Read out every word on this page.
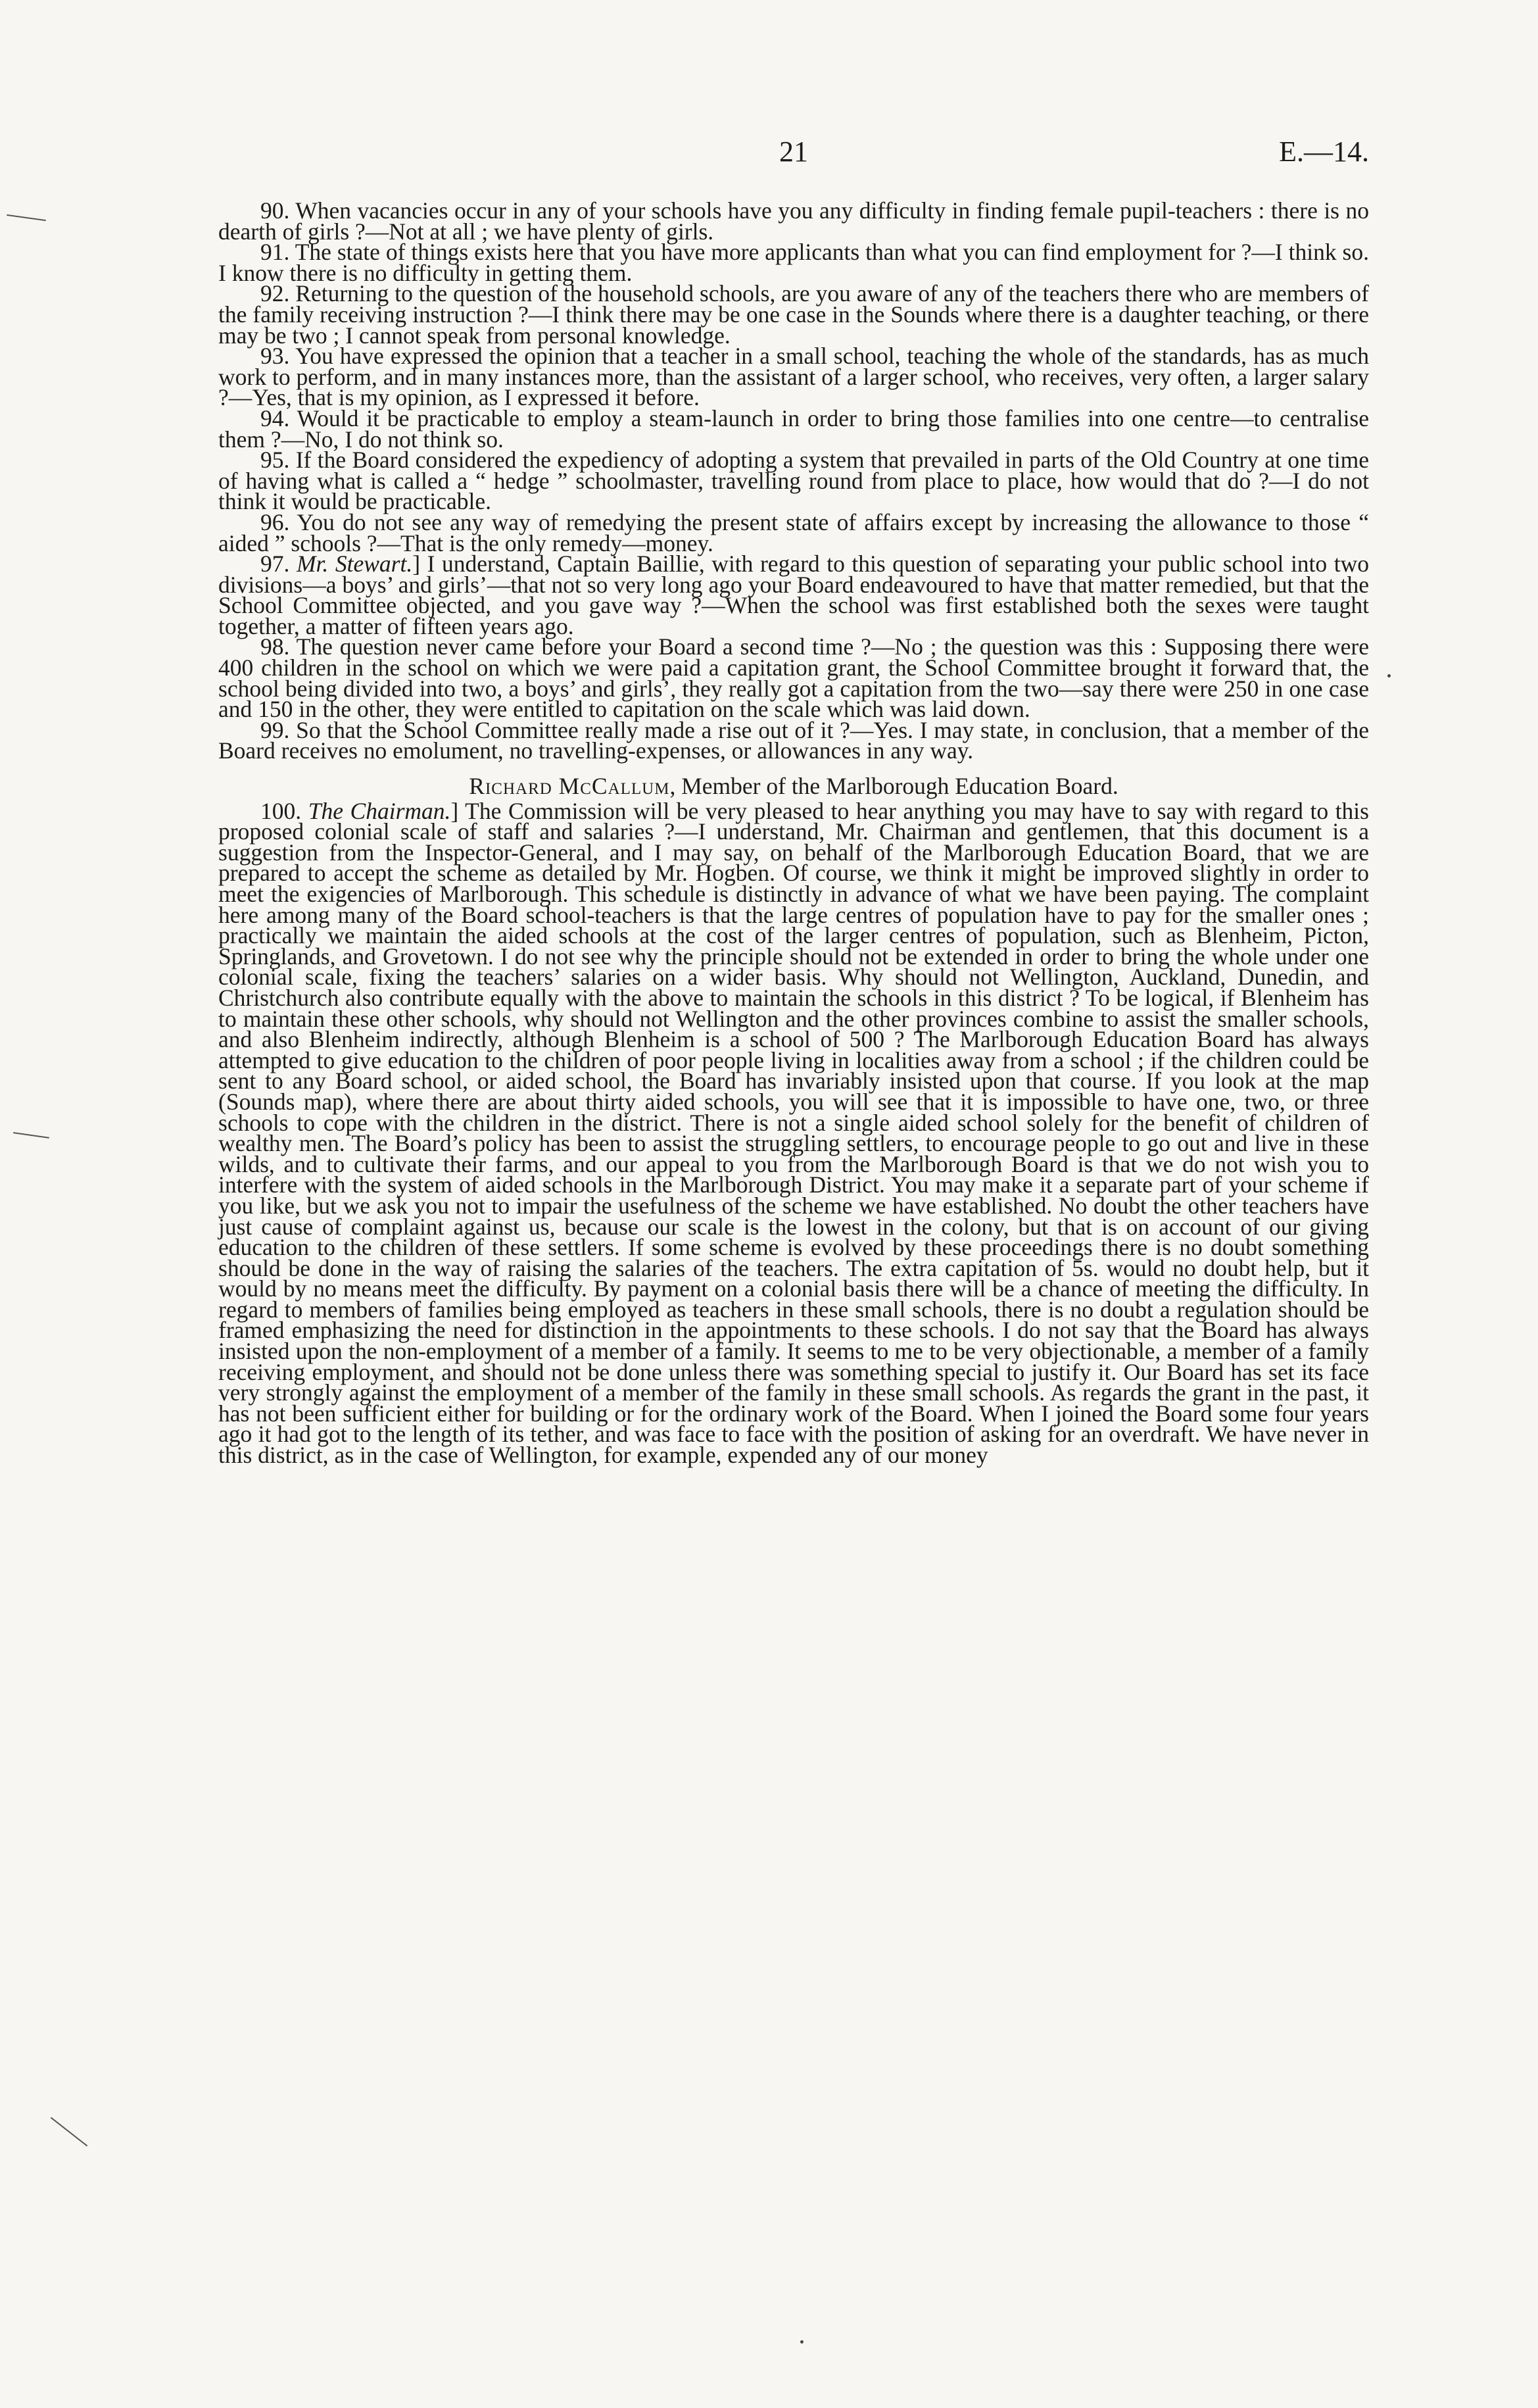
21	E.—14.

90. When vacancies occur in any of your schools have you any difficulty in finding female pupil-teachers : there is no dearth of girls ?—Not at all ; we have plenty of girls.

91. The state of things exists here that you have more applicants than what you can find employment for ?—I think so. I know there is no difficulty in getting them.

92. Returning to the question of the household schools, are you aware of any of the teachers there who are members of the family receiving instruction ?—I think there may be one case in the Sounds where there is a daughter teaching, or there may be two ; I cannot speak from personal knowledge.

93. You have expressed the opinion that a teacher in a small school, teaching the whole of the standards, has as much work to perform, and in many instances more, than the assistant of a larger school, who receives, very often, a larger salary ?—Yes, that is my opinion, as I expressed it before.

94. Would it be practicable to employ a steam-launch in order to bring those families into one centre—to centralise them ?—No, I do not think so.

95. If the Board considered the expediency of adopting a system that prevailed in parts of the Old Country at one time of having what is called a “ hedge ” schoolmaster, travelling round from place to place, how would that do ?—I do not think it would be practicable.

96. You do not see any way of remedying the present state of affairs except by increasing the allowance to those “ aided ” schools ?—That is the only remedy—money.

97. Mr. Stewart.] I understand, Captain Baillie, with regard to this question of separating your public school into two divisions—a boys’ and girls’—that not so very long ago your Board endeavoured to have that matter remedied, but that the School Committee objected, and you gave way ?—When the school was first established both the sexes were taught together, a matter of fifteen years ago.

98. The question never came before your Board a second time ?—No ; the question was this : Supposing there were 400 children in the school on which we were paid a capitation grant, the School Committee brought it forward that, the school being divided into two, a boys’ and girls’, they really got a capitation from the two—say there were 250 in one case and 150 in the other, they were entitled to capitation on the scale which was laid down.

99. So that the School Committee really made a rise out of it ?—Yes. I may state, in conclusion, that a member of the Board receives no emolument, no travelling-expenses, or allowances in any way.

Richard McCallum, Member of the Marlborough Education Board.

100. The Chairman.] The Commission will be very pleased to hear anything you may have to say with regard to this proposed colonial scale of staff and salaries ?—I understand, Mr. Chairman and gentlemen, that this document is a suggestion from the Inspector-General, and I may say, on behalf of the Marlborough Education Board, that we are prepared to accept the scheme as detailed by Mr. Hogben. Of course, we think it might be improved slightly in order to meet the exigencies of Marlborough. This schedule is distinctly in advance of what we have been paying. The complaint here among many of the Board school-teachers is that the large centres of population have to pay for the smaller ones ; practically we maintain the aided schools at the cost of the larger centres of population, such as Blenheim, Picton, Springlands, and Grovetown. I do not see why the principle should not be extended in order to bring the whole under one colonial scale, fixing the teachers’ salaries on a wider basis. Why should not Wellington, Auckland, Dunedin, and Christchurch also contribute equally with the above to maintain the schools in this district ? To be logical, if Blenheim has to maintain these other schools, why should not Wellington and the other provinces combine to assist the smaller schools, and also Blenheim indirectly, although Blenheim is a school of 500 ? The Marlborough Education Board has always attempted to give education to the children of poor people living in localities away from a school ; if the children could be sent to any Board school, or aided school, the Board has invariably insisted upon that course. If you look at the map (Sounds map), where there are about thirty aided schools, you will see that it is impossible to have one, two, or three schools to cope with the children in the district. There is not a single aided school solely for the benefit of children of wealthy men. The Board’s policy has been to assist the struggling settlers, to encourage people to go out and live in these wilds, and to cultivate their farms, and our appeal to you from the Marlborough Board is that we do not wish you to interfere with the system of aided schools in the Marlborough District. You may make it a separate part of your scheme if you like, but we ask you not to impair the usefulness of the scheme we have established. No doubt the other teachers have just cause of complaint against us, because our scale is the lowest in the colony, but that is on account of our giving education to the children of these settlers. If some scheme is evolved by these proceedings there is no doubt something should be done in the way of raising the salaries of the teachers. The extra capitation of 5s. would no doubt help, but it would by no means meet the difficulty. By payment on a colonial basis there will be a chance of meeting the difficulty. In regard to members of families being employed as teachers in these small schools, there is no doubt a regulation should be framed emphasizing the need for distinction in the appointments to these schools. I do not say that the Board has always insisted upon the non-employment of a member of a family. It seems to me to be very objectionable, a member of a family receiving employment, and should not be done unless there was something special to justify it. Our Board has set its face very strongly against the employment of a member of the family in these small schools. As regards the grant in the past, it has not been sufficient either for building or for the ordinary work of the Board. When I joined the Board some four years ago it had got to the length of its tether, and was face to face with the position of asking for an overdraft. We have never in this district, as in the case of Wellington, for example, expended any of our money
